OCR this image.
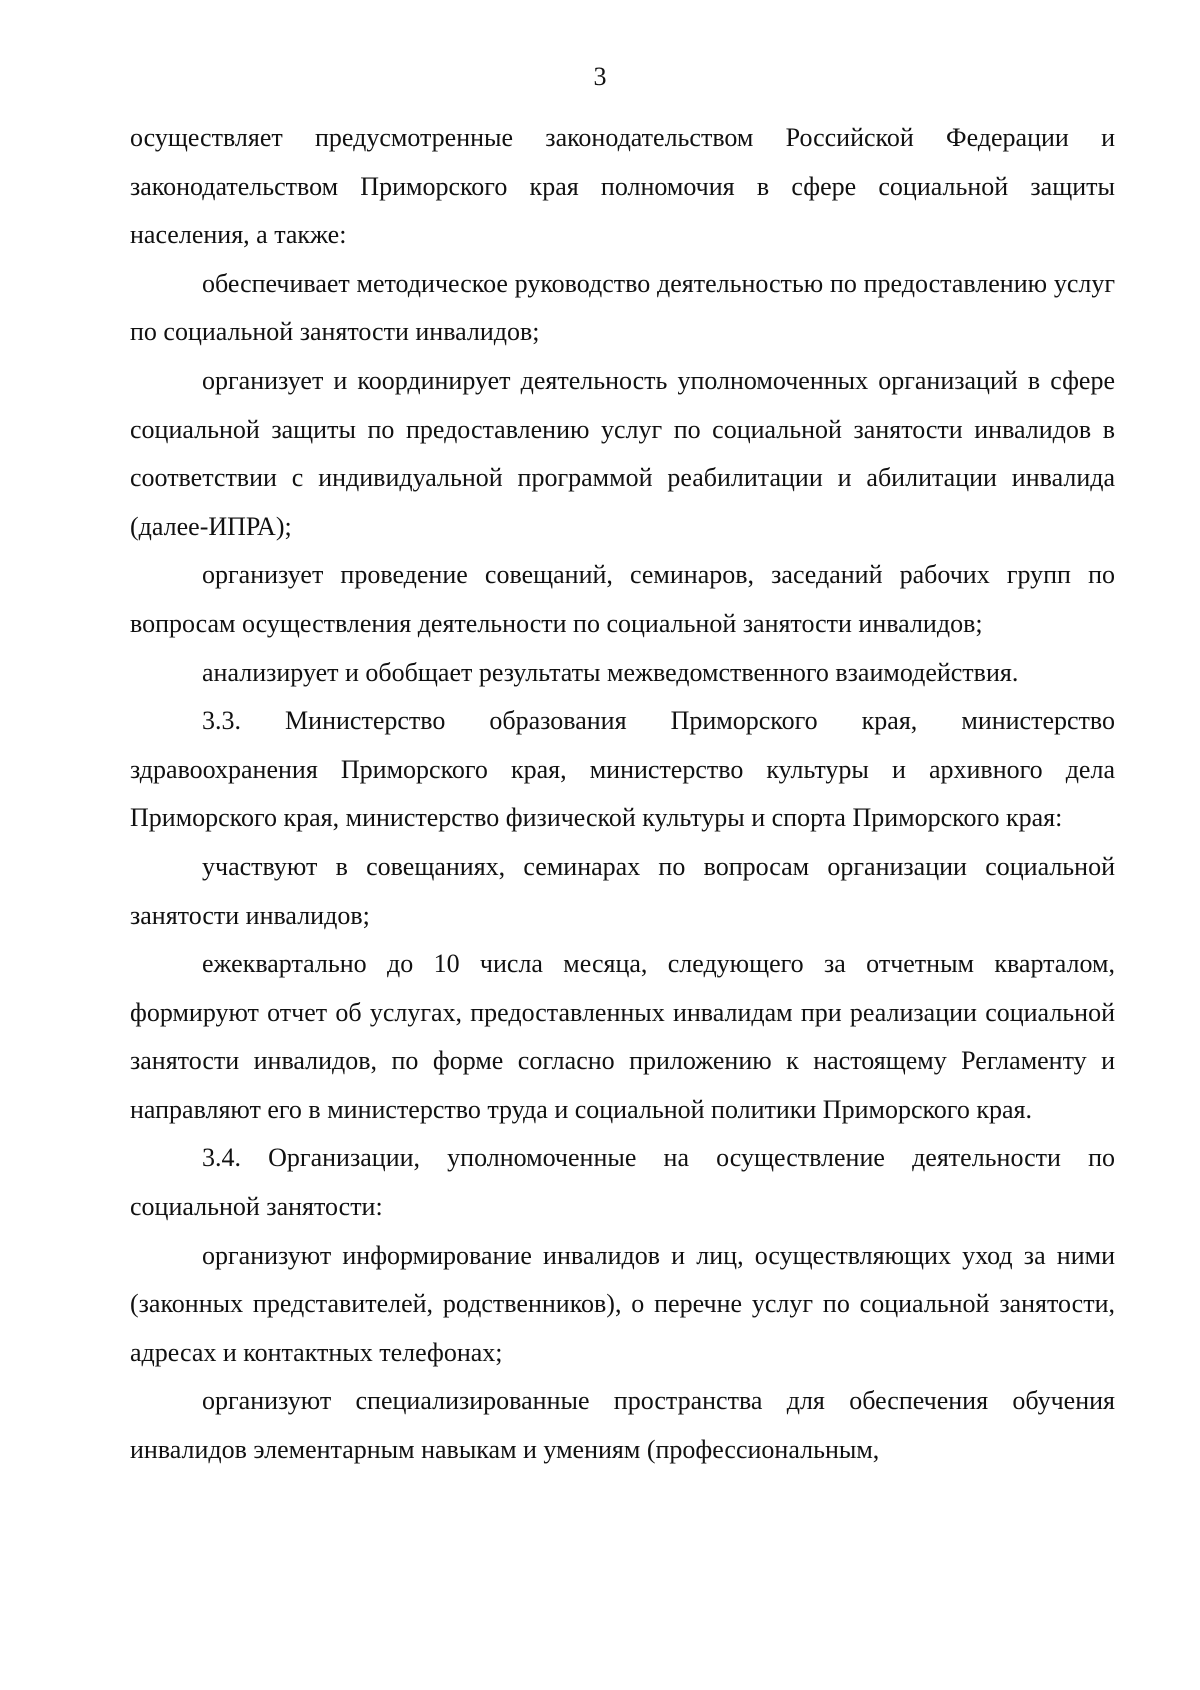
3

осуществляет предусмотренные законодательством Российской Федерации и законодательством Приморского края полномочия в сфере социальной защиты населения, а также:

обеспечивает методическое руководство деятельностью по предоставлению услуг по социальной занятости инвалидов;

организует и координирует деятельность уполномоченных организаций в сфере социальной защиты по предоставлению услуг по социальной занятости инвалидов в соответствии с индивидуальной программой реабилитации и абилитации инвалида (далее-ИПРА);

организует проведение совещаний, семинаров, заседаний рабочих групп по вопросам осуществления деятельности по социальной занятости инвалидов;

анализирует и обобщает результаты межведомственного взаимодействия.

3.3. Министерство образования Приморского края, министерство здравоохранения Приморского края, министерство культуры и архивного дела Приморского края, министерство физической культуры и спорта Приморского края:

участвуют в совещаниях, семинарах по вопросам организации социальной занятости инвалидов;

ежеквартально до 10 числа месяца, следующего за отчетным кварталом, формируют отчет об услугах, предоставленных инвалидам при реализации социальной занятости инвалидов, по форме согласно приложению к настоящему Регламенту и направляют его в министерство труда и социальной политики Приморского края.

3.4. Организации, уполномоченные на осуществление деятельности по социальной занятости:

организуют информирование инвалидов и лиц, осуществляющих уход за ними (законных представителей, родственников), о перечне услуг по социальной занятости, адресах и контактных телефонах;

организуют специализированные пространства для обеспечения обучения инвалидов элементарным навыкам и умениям (профессиональным,
